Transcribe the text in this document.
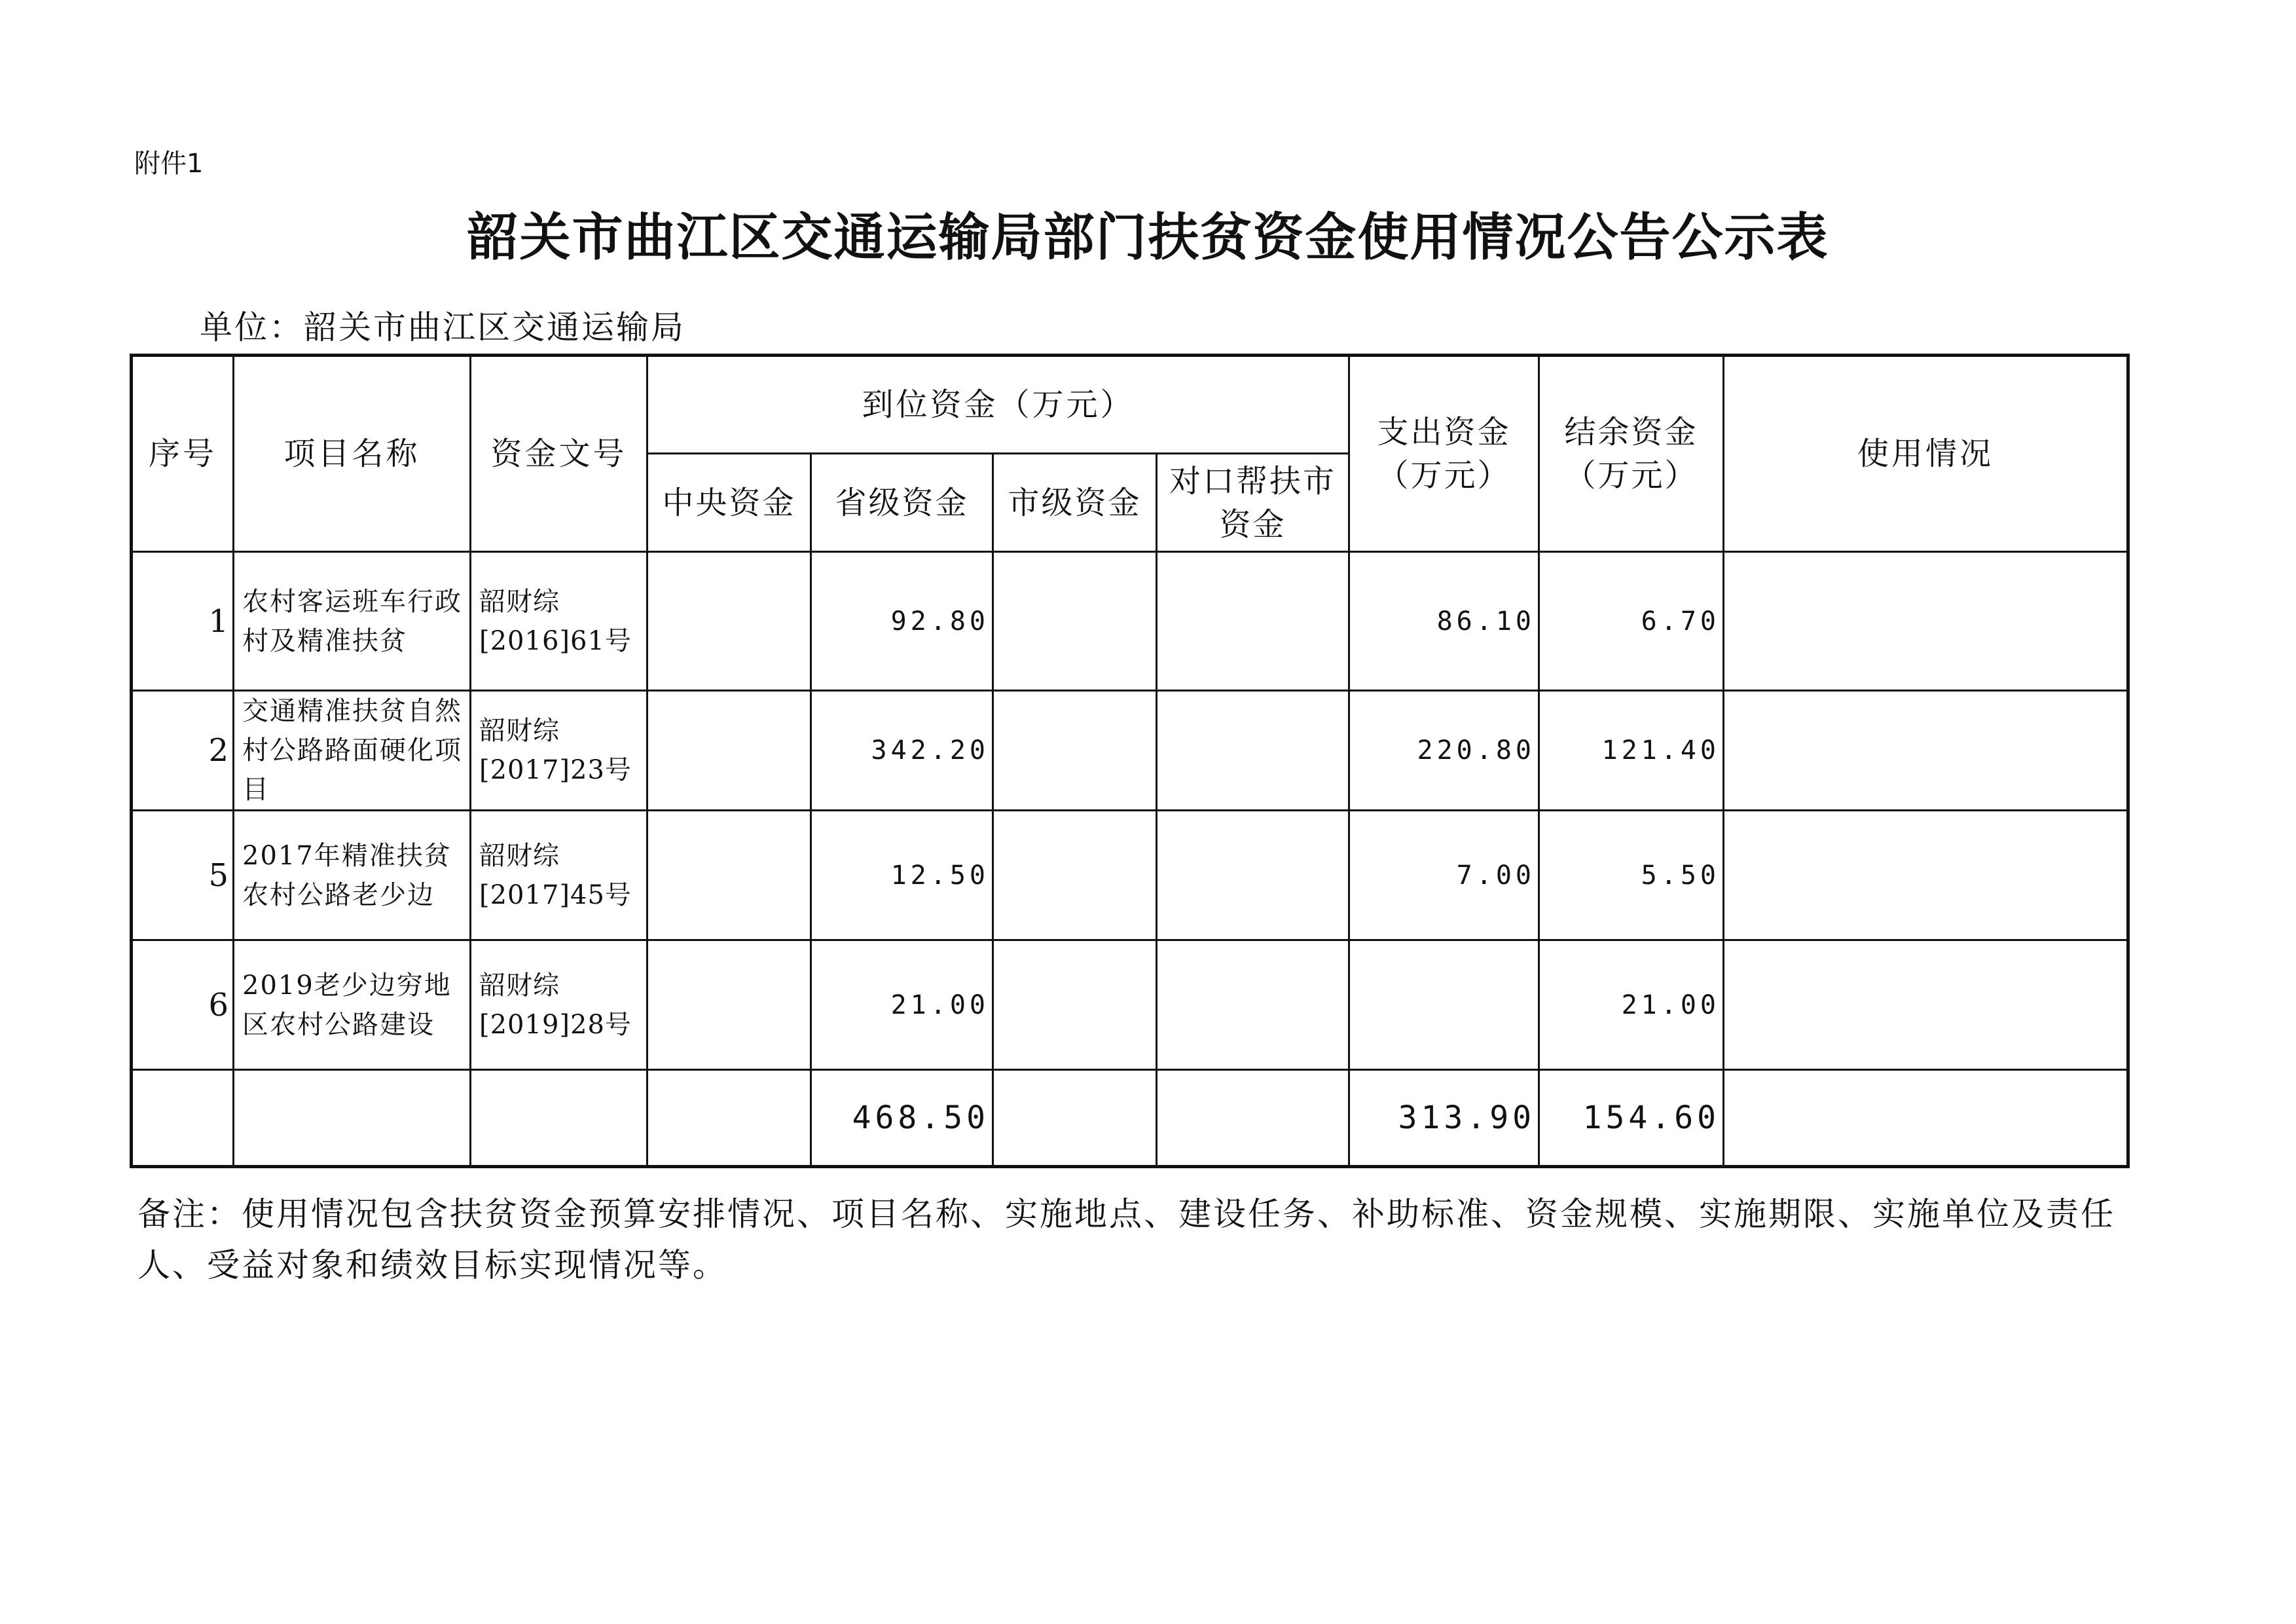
附件1
韶关市曲江区交通运输局部门扶贫资金使用情况公告公示表
单位：韶关市曲江区交通运输局
序号	项目名称	资金文号	到位资金（万元）				支出资金（万元）	结余资金（万元）	使用情况
			中央资金	省级资金	市级资金	对口帮扶市资金			
1	农村客运班车行政村及精准扶贫	韶财综[2016]61号		92.80			86.10	6.70	
2	交通精准扶贫自然村公路路面硬化项目	韶财综[2017]23号		342.20			220.80	121.40	
5	2017年精准扶贫农村公路老少边	韶财综[2017]45号		12.50			7.00	5.50	
6	2019老少边穷地区农村公路建设	韶财综[2019]28号		21.00				21.00	
				468.50			313.90	154.60	
备注：使用情况包含扶贫资金预算安排情况、项目名称、实施地点、建设任务、补助标准、资金规模、实施期限、实施单位及责任人、受益对象和绩效目标实现情况等。
